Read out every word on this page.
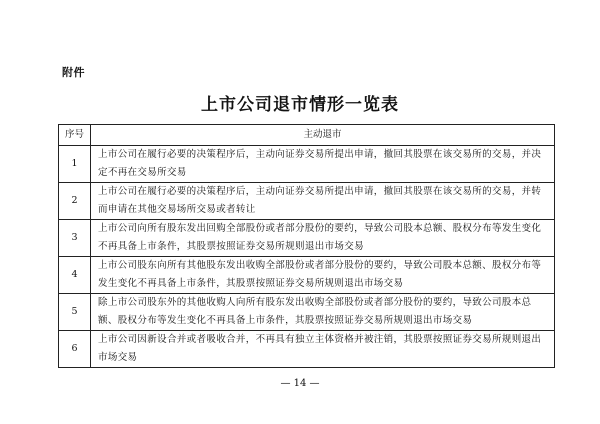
附件
上市公司退市情形一览表
序号	主动退市
1	上市公司在履行必要的决策程序后，主动向证券交易所提出申请，撤回其股票在该交易所的交易，并决定不再在交易所交易
2	上市公司在履行必要的决策程序后，主动向证券交易所提出申请，撤回其股票在该交易所的交易，并转而申请在其他交易场所交易或者转让
3	上市公司向所有股东发出回购全部股份或者部分股份的要约，导致公司股本总额、股权分布等发生变化不再具备上市条件，其股票按照证券交易所规则退出市场交易
4	上市公司股东向所有其他股东发出收购全部股份或者部分股份的要约，导致公司股本总额、股权分布等发生变化不再具备上市条件，其股票按照证券交易所规则退出市场交易
5	除上市公司股东外的其他收购人向所有股东发出收购全部股份或者部分股份的要约，导致公司股本总额、股权分布等发生变化不再具备上市条件，其股票按照证券交易所规则退出市场交易
6	上市公司因新设合并或者吸收合并，不再具有独立主体资格并被注销，其股票按照证券交易所规则退出市场交易
— 14 —
